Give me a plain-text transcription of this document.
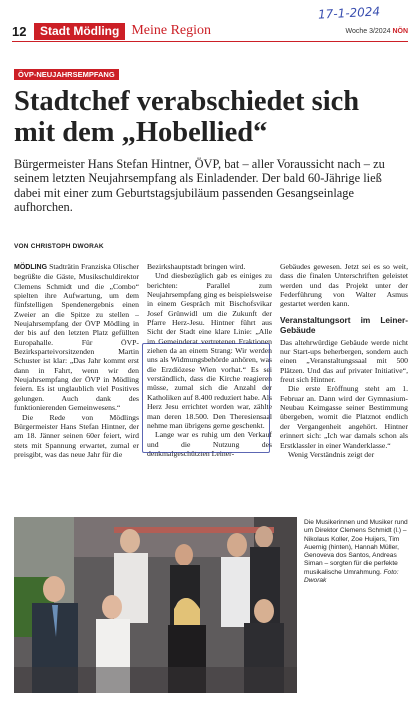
17-1-2024
12	Stadt Mödling Meine Region	Woche 3/2024 NÖN
ÖVP-NEUJAHRSEMPFANG
Stadtchef verabschiedet sich mit dem „Hobellied“
Bürgermeister Hans Stefan Hintner, ÖVP, bat – aller Voraussicht nach – zu seinem letzten Neujahrsempfang als Einladender. Der bald 60-Jährige ließ dabei mit einer zum Geburtstagsjubiläum passenden Gesangseinlage aufhorchen.
VON CHRISTOPH DWORAK

MÖDLING Stadträtin Franziska Olischer begrüßte die Gäste, Musikschuldirektor Clemens Schmidt und die „Combo“ spielten ihre Aufwartung, um dem fünfstelligen Spendenergebnis einen Zweier an die Spitze zu stellen – Neujahrsempfang der ÖVP Mödling in der bis auf den letzten Platz gefüllten Europahalle. Für ÖVP-Bezirksparteivorsitzenden Martin Schuster ist klar: „Das Jahr kommt erst dann in Fahrt, wenn wir den Neujahrsempfang der ÖVP in Mödling feiern. Es ist unglaublich viel Positives gelungen. Auch dank des funktionierenden Gemeinwesens.“

Die Rede von Mödlings Bürgermeister Hans Stefan Hintner, der am 18. Jänner seinen 60er feiert, wird stets mit Spannung erwartet, zumal er preisgibt, was das neue Jahr für die

Bezirkshauptstadt bringen wird.

Und diesbezüglich gab es einiges zu berichten: Parallel zum Neujahrsempfang ging es beispielsweise in einem Gespräch mit Bischofsvikar Josef Grünwidl um die Zukunft der Pfarre Herz-Jesu. Hintner führt aus Sicht der Stadt eine klare Linie: „Alle im Gemeinderat vertretenen Fraktionen ziehen da an einem Strang: Wir werden uns als Widmungsbehörde anhören, was die Erzdiözese Wien vorhat.“ Es sei verständlich, dass die Kirche reagieren müsse, zumal sich die Anzahl der Katholiken auf 8.400 reduziert habe. Als Herz Jesu errichtet worden war, zählte man deren 18.500. Den Theresiensaal nehme man übrigens gerne geschenkt.

Lange war es ruhig um den Verkauf und die Nutzung des denkmalgeschützten Leiner-

Gebäudes gewesen. Jetzt sei es so weit, dass die finalen Unterschriften geleistet werden und das Projekt unter der Federführung von Walter Asmus gestartet werden kann.

Veranstaltungsort im Leiner-Gebäude

Das altehrwürdige Gebäude werde nicht nur Start-ups beherbergen, sondern auch einen „Veranstaltungssaal mit 500 Plätzen. Und das auf privater Initiative“, freut sich Hintner.

Die erste Eröffnung steht am 1. Februar an. Dann wird der Gymnasium-Neubau Keimgasse seiner Bestimmung übergeben, womit die Platznot endlich der Vergangenheit angehört. Hintner erinnert sich: „Ich war damals schon als Erstklassler in einer Wanderklasse.“

Wenig Verständnis zeigt der

Die Musikerinnen und Musiker rund um Direktor Clemens Schmidt (l.) – Nikolaus Koller, Zoe Huijers, Tim Auernig (hinten), Hannah Müller, Genoveva dos Santos, Andreas Siman – sorgten für die perfekte musikalische Umrahmung. Foto: Dworak
